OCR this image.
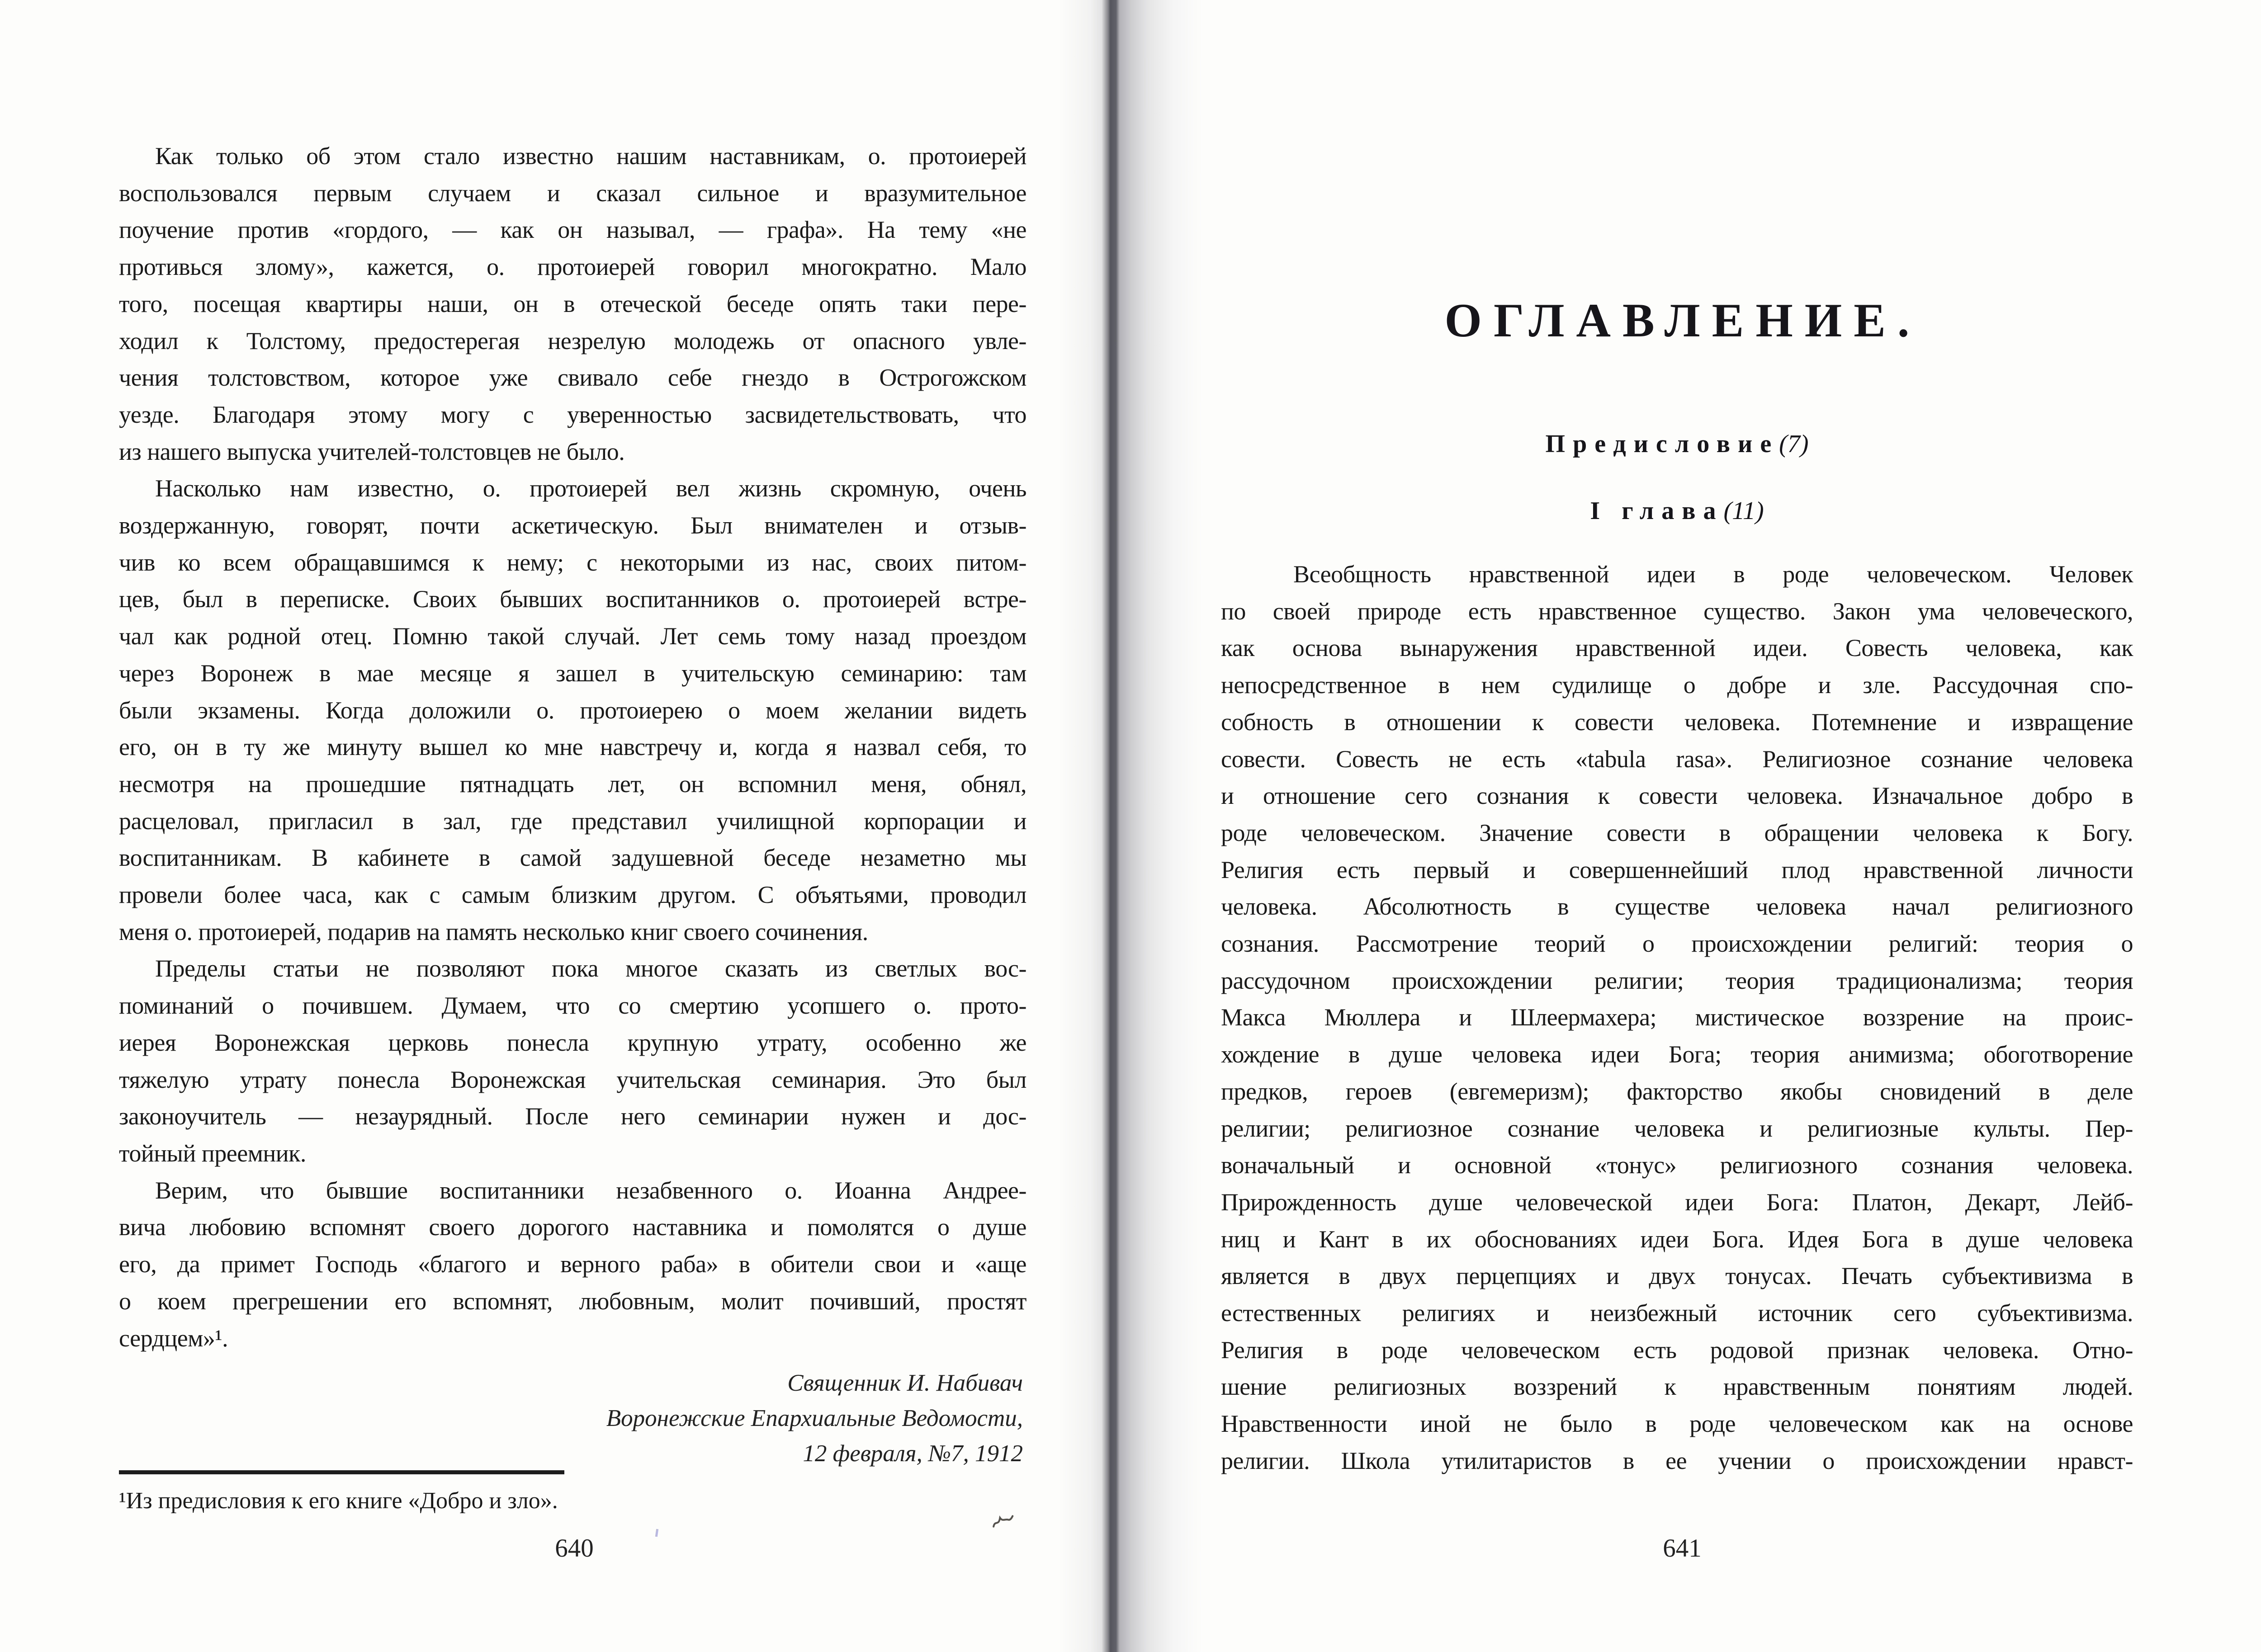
Как только об этом стало известно нашим наставникам, о. протоиерей
воспользовался первым случаем и сказал сильное и вразумительное
поучение против «гордого, — как он называл, — графа». На тему «не
противься злому», кажется, о. протоиерей говорил многократно. Мало
того, посещая квартиры наши, он в отеческой беседе опять таки пере-
ходил к Толстому, предостерегая незрелую молодежь от опасного увле-
чения толстовством, которое уже свивало себе гнездо в Острогожском
уезде. Благодаря этому могу с уверенностью засвидетельствовать, что
из нашего выпуска учителей-толстовцев не было.
Насколько нам известно, о. протоиерей вел жизнь скромную, очень
воздержанную, говорят, почти аскетическую. Был внимателен и отзыв-
чив ко всем обращавшимся к нему; с некоторыми из нас, своих питом-
цев, был в переписке. Своих бывших воспитанников о. протоиерей встре-
чал как родной отец. Помню такой случай. Лет семь тому назад проездом
через Воронеж в мае месяце я зашел в учительскую семинарию: там
были экзамены. Когда доложили о. протоиерею о моем желании видеть
его, он в ту же минуту вышел ко мне навстречу и, когда я назвал себя, то
несмотря на прошедшие пятнадцать лет, он вспомнил меня, обнял,
расцеловал, пригласил в зал, где представил училищной корпорации и
воспитанникам. В кабинете в самой задушевной беседе незаметно мы
провели более часа, как с самым близким другом. С объятьями, проводил
меня о. протоиерей, подарив на память несколько книг своего сочинения.
Пределы статьи не позволяют пока многое сказать из светлых вос-
поминаний о почившем. Думаем, что со смертию усопшего о. прото-
иерея Воронежская церковь понесла крупную утрату, особенно же
тяжелую утрату понесла Воронежская учительская семинария. Это был
законоучитель — незаурядный. После него семинарии нужен и дос-
тойный преемник.
Верим, что бывшие воспитанники незабвенного о. Иоанна Андрее-
вича любовию вспомнят своего дорогого наставника и помолятся о душе
его, да примет Господь «благого и верного раба» в обители свои и «аще
о коем прегрешении его вспомнят, любовным, молит почивший, простят
сердцем»¹.
Священник И. Набивач
Воронежские Епархиальные Ведомости,
12 февраля, №7, 1912
¹Из предисловия к его книге «Добро и зло».
640
ОГЛАВЛЕНИЕ.
Предисловие(7)
I глава(11)
Всеобщность нравственной идеи в роде человеческом. Человек
по своей природе есть нравственное существо. Закон ума человеческого,
как основа вынаружения нравственной идеи. Совесть человека, как
непосредственное в нем судилище о добре и зле. Рассудочная спо-
собность в отношении к совести человека. Потемнение и извращение
совести. Совесть не есть «tabula rasa». Религиозное сознание человека
и отношение сего сознания к совести человека. Изначальное добро в
роде человеческом. Значение совести в обращении человека к Богу.
Религия есть первый и совершеннейший плод нравственной личности
человека. Абсолютность в существе человека начал религиозного
сознания. Рассмотрение теорий о происхождении религий: теория о
рассудочном происхождении религии; теория традиционализма; теория
Макса Мюллера и Шлеермахера; мистическое воззрение на проис-
хождение в душе человека идеи Бога; теория анимизма; обоготворение
предков, героев (евгемеризм); факторство якобы сновидений в деле
религии; религиозное сознание человека и религиозные культы. Пер-
воначальный и основной «тонус» религиозного сознания человека.
Прирожденность душе человеческой идеи Бога: Платон, Декарт, Лейб-
ниц и Кант в их обоснованиях идеи Бога. Идея Бога в душе человека
является в двух перцепциях и двух тонусах. Печать субъективизма в
естественных религиях и неизбежный источник сего субъективизма.
Религия в роде человеческом есть родовой признак человека. Отно-
шение религиозных воззрений к нравственным понятиям людей.
Нравственности иной не было в роде человеческом как на основе
религии. Школа утилитаристов в ее учении о происхождении нравст-
641
